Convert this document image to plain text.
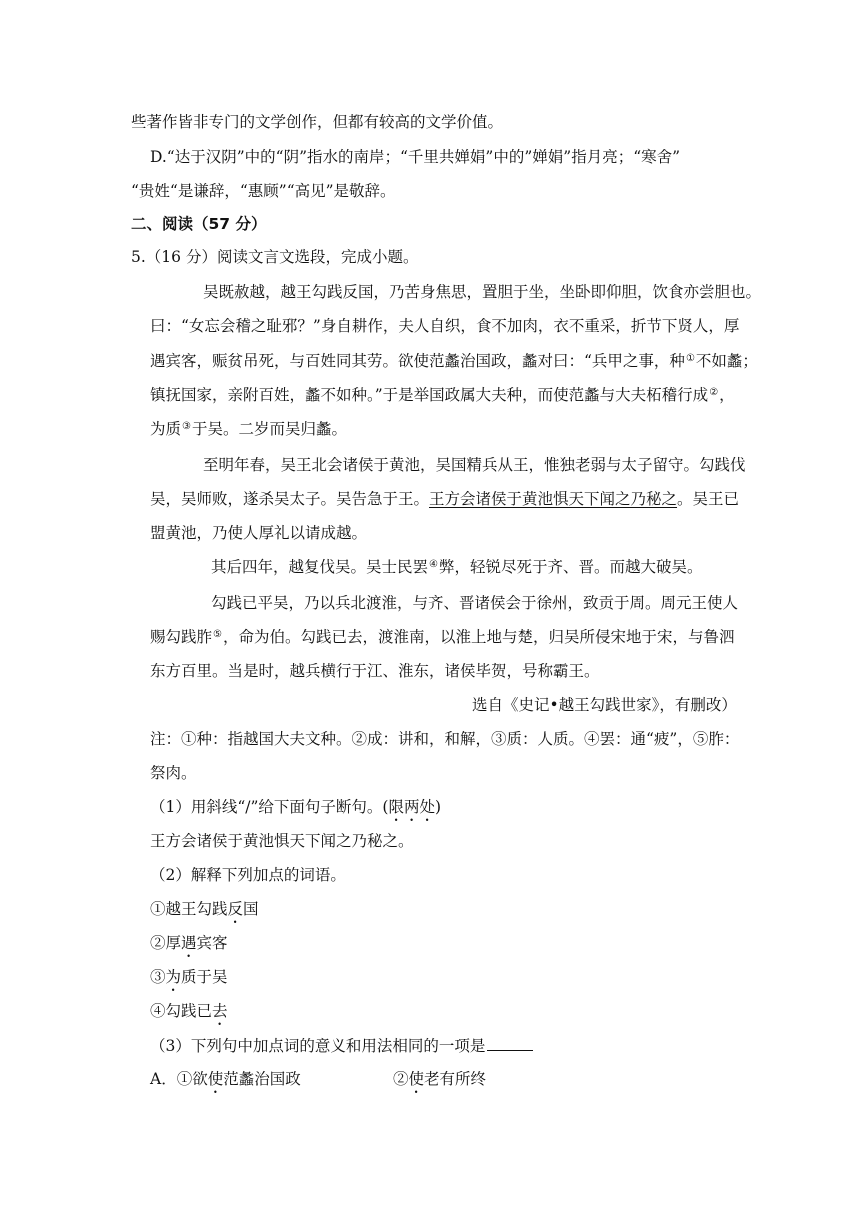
些著作皆非专门的文学创作，但都有较高的文学价值。
D.“达于汉阴”中的“阴”指水的南岸；“千里共婵娟”中的”婵娟”指月亮；“寒舍”
“贵姓“是谦辞，“惠顾”“高见”是敬辞。
二、阅读（57 分）
5.（16 分）阅读文言文选段，完成小题。
吴既赦越，越王勾践反国，乃苦身焦思，置胆于坐，坐卧即仰胆，饮食亦尝胆也。
曰：“女忘会稽之耻邪？”身自耕作，夫人自织，食不加肉，衣不重采，折节下贤人，厚
遇宾客，赈贫吊死，与百姓同其劳。欲使范蠡治国政，蠡对曰：“兵甲之事，种①不如蠡；
镇抚国家，亲附百姓，蠡不如种。”于是举国政属大夫种，而使范蠡与大夫柘稽行成②，
为质③于吴。二岁而吴归蠡。
至明年春，吴王北会诸侯于黄池，吴国精兵从王，惟独老弱与太子留守。勾践伐
吴，吴师败，遂杀吴太子。吴告急于王。王方会诸侯于黄池惧天下闻之乃秘之。吴王已
盟黄池，乃使人厚礼以请成越。
其后四年，越复伐吴。吴士民罢④弊，轻锐尽死于齐、晋。而越大破吴。
勾践已平吴，乃以兵北渡淮，与齐、晋诸侯会于徐州，致贡于周。周元王使人
赐勾践胙⑤，命为伯。勾践已去，渡淮南，以淮上地与楚，归吴所侵宋地于宋，与鲁泗
东方百里。当是时，越兵横行于江、淮东，诸侯毕贺，号称霸王。
选自《史记•越王勾践世家》，有删改）
注：①种：指越国大夫文种。②成：讲和，和解，③质：人质。④罢：通“疲”，⑤胙：
祭肉。
（1）用斜线“/”给下面句子断句。(限两处)
王方会诸侯于黄池惧天下闻之乃秘之。
（2）解释下列加点的词语。
①越王勾践反国
②厚遇宾客
③为质于吴
④勾践已去
（3）下列句中加点词的意义和用法相同的一项是
A．①欲使范蠡治国政	②使老有所终
